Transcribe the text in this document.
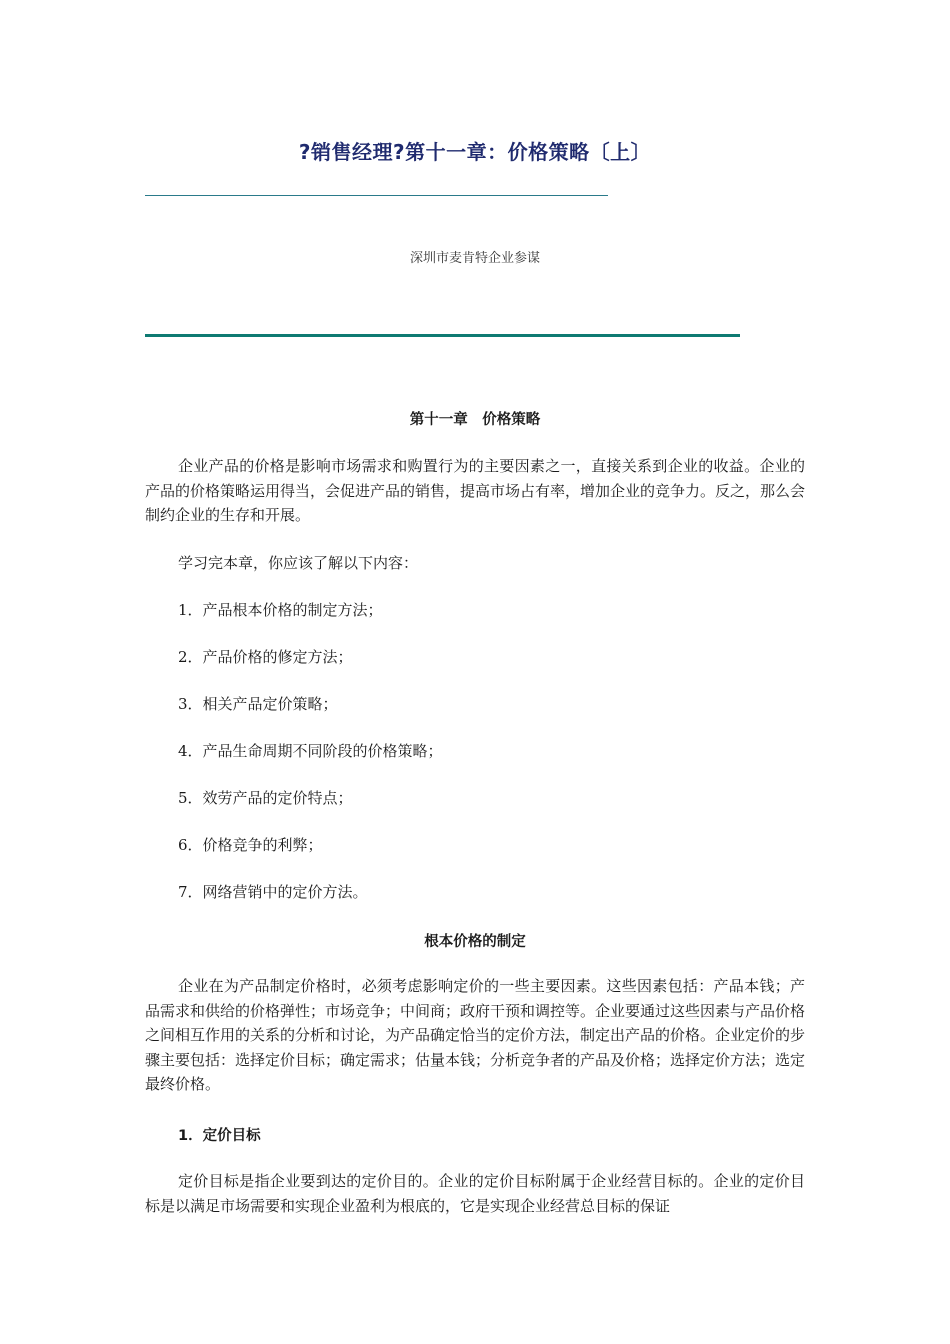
?销售经理?第十一章：价格策略〔上〕
深圳市麦肯特企业参谋
第十一章　价格策略

企业产品的价格是影响市场需求和购置行为的主要因素之一，直接关系到企业的收益。企业的产品的价格策略运用得当，会促进产品的销售，提高市场占有率，增加企业的竞争力。反之，那么会制约企业的生存和开展。

学习完本章，你应该了解以下内容：

1．产品根本价格的制定方法；

2．产品价格的修定方法；

3．相关产品定价策略；

4．产品生命周期不同阶段的价格策略；

5．效劳产品的定价特点；

6．价格竞争的利弊；

7．网络营销中的定价方法。

根本价格的制定

企业在为产品制定价格时，必须考虑影响定价的一些主要因素。这些因素包括：产品本钱；产品需求和供给的价格弹性；市场竞争；中间商；政府干预和调控等。企业要通过这些因素与产品价格之间相互作用的关系的分析和讨论，为产品确定恰当的定价方法，制定出产品的价格。企业定价的步骤主要包括：选择定价目标；确定需求；估量本钱；分析竞争者的产品及价格；选择定价方法；选定最终价格。

1．定价目标

定价目标是指企业要到达的定价目的。企业的定价目标附属于企业经营目标的。企业的定价目标是以满足市场需要和实现企业盈利为根底的，它是实现企业经营总目标的保证
